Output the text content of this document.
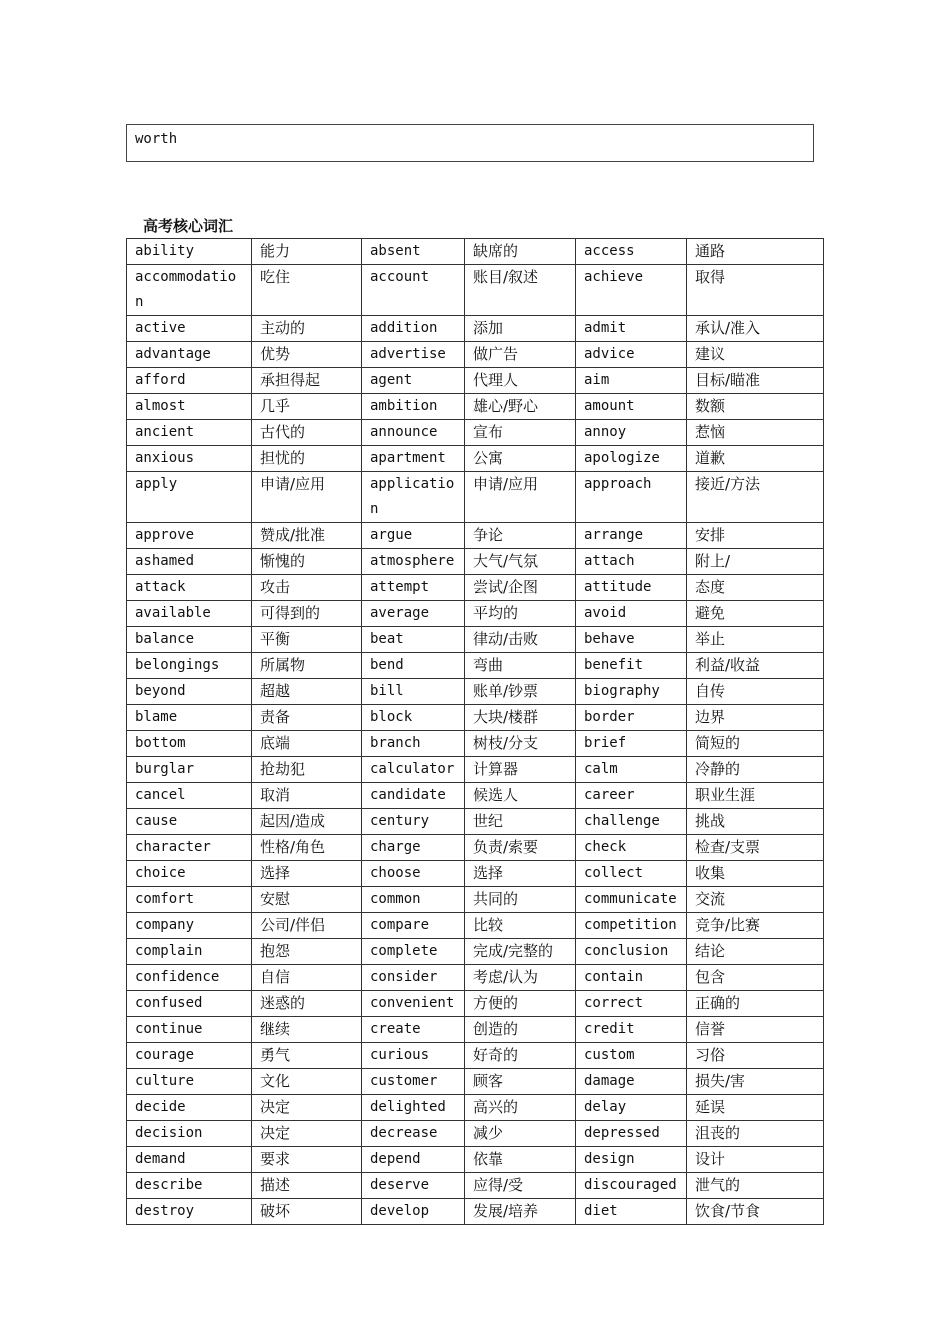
worth
高考核心词汇
ability	能力	absent	缺席的	access	通路
accommodation	吃住	account	账目/叙述	achieve	取得
active	主动的	addition	添加	admit	承认/准入
advantage	优势	advertise	做广告	advice	建议
afford	承担得起	agent	代理人	aim	目标/瞄准
almost	几乎	ambition	雄心/野心	amount	数额
ancient	古代的	announce	宣布	annoy	惹恼
anxious	担忧的	apartment	公寓	apologize	道歉
apply	申请/应用	application	申请/应用	approach	接近/方法
approve	赞成/批准	argue	争论	arrange	安排
ashamed	惭愧的	atmosphere	大气/气氛	attach	附上/
attack	攻击	attempt	尝试/企图	attitude	态度
available	可得到的	average	平均的	avoid	避免
balance	平衡	beat	律动/击败	behave	举止
belongings	所属物	bend	弯曲	benefit	利益/收益
beyond	超越	bill	账单/钞票	biography	自传
blame	责备	block	大块/楼群	border	边界
bottom	底端	branch	树枝/分支	brief	简短的
burglar	抢劫犯	calculator	计算器	calm	冷静的
cancel	取消	candidate	候选人	career	职业生涯
cause	起因/造成	century	世纪	challenge	挑战
character	性格/角色	charge	负责/索要	check	检查/支票
choice	选择	choose	选择	collect	收集
comfort	安慰	common	共同的	communicate	交流
company	公司/伴侣	compare	比较	competition	竞争/比赛
complain	抱怨	complete	完成/完整的	conclusion	结论
confidence	自信	consider	考虑/认为	contain	包含
confused	迷惑的	convenient	方便的	correct	正确的
continue	继续	create	创造的	credit	信誉
courage	勇气	curious	好奇的	custom	习俗
culture	文化	customer	顾客	damage	损失/害
decide	决定	delighted	高兴的	delay	延误
decision	决定	decrease	减少	depressed	沮丧的
demand	要求	depend	依靠	design	设计
describe	描述	deserve	应得/受	discouraged	泄气的
destroy	破坏	develop	发展/培养	diet	饮食/节食
